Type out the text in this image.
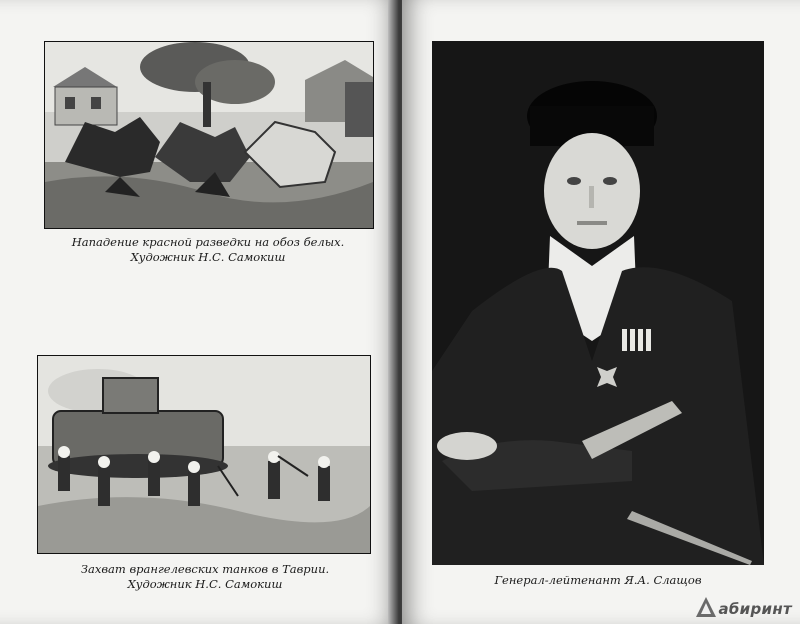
Нападение красной разведки на обоз белых.
Художник Н.С. Самокиш
Захват врангелевских танков в Таврии.
Художник Н.С. Самокиш	Генерал-лейтенант Я.А. Слащов
абиринт
